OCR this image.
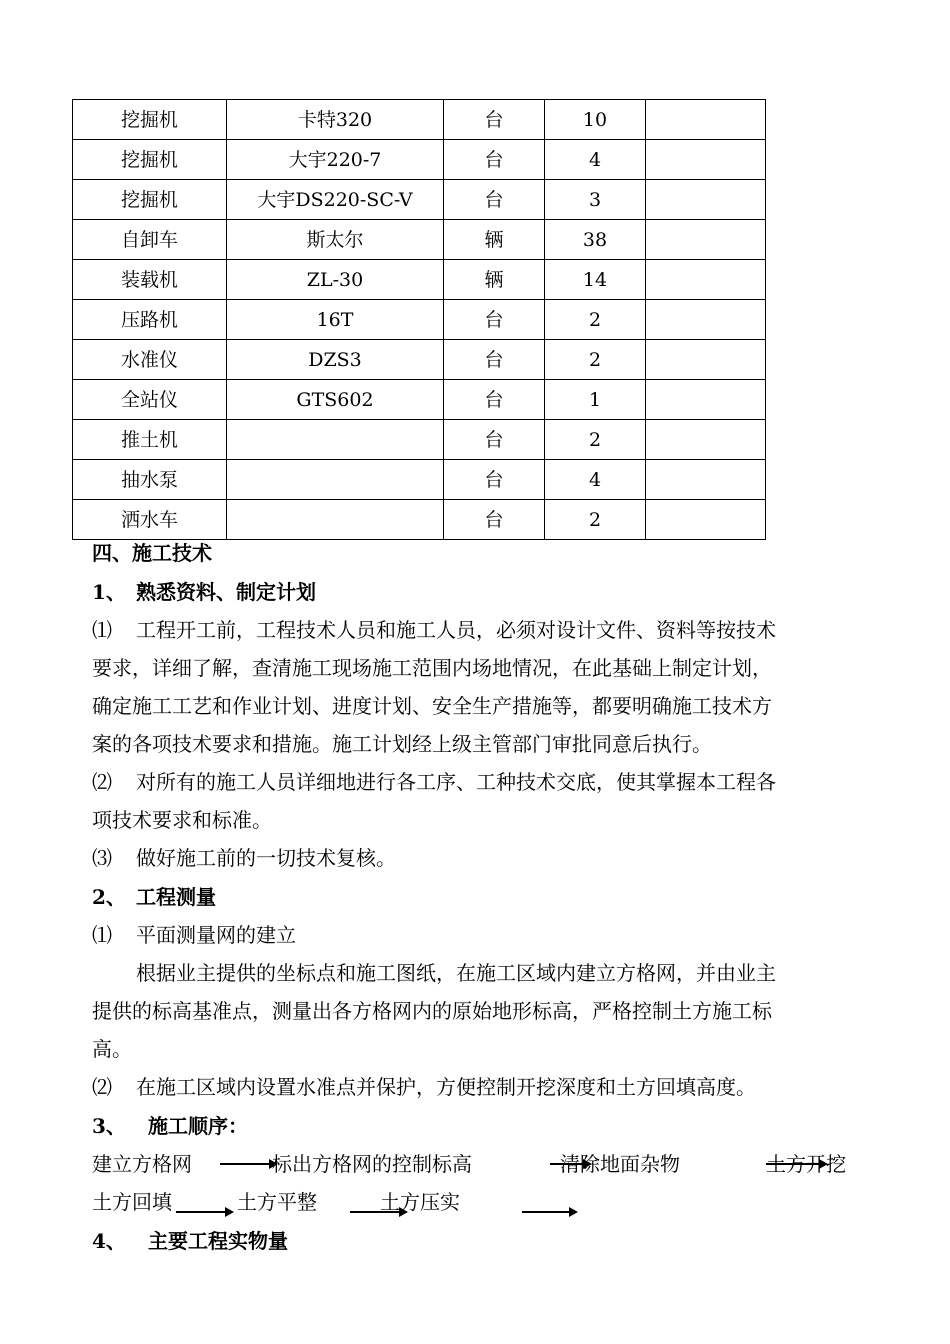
挖掘机	卡特320	台	10	
挖掘机	大宇220-7	台	4	
挖掘机	大宇DS220-SC-V	台	3	
自卸车	斯太尔	辆	38	
装载机	ZL-30	辆	14	
压路机	16T	台	2	
水准仪	DZS3	台	2	
全站仪	GTS602	台	1	
推土机		台	2	
抽水泵		台	4	
洒水车		台	2	
四、施工技术
1、 熟悉资料、制定计划
⑴ 工程开工前，工程技术人员和施工人员，必须对设计文件、资料等按技术
要求，详细了解，查清施工现场施工范围内场地情况，在此基础上制定计划，
确定施工工艺和作业计划、进度计划、安全生产措施等，都要明确施工技术方
案的各项技术要求和措施。施工计划经上级主管部门审批同意后执行。
⑵ 对所有的施工人员详细地进行各工序、工种技术交底，使其掌握本工程各
项技术要求和标准。
⑶ 做好施工前的一切技术复核。
2、 工程测量
⑴ 平面测量网的建立
根据业主提供的坐标点和施工图纸，在施工区域内建立方格网，并由业主
提供的标高基准点，测量出各方格网内的原始地形标高，严格控制土方施工标
高。
⑵ 在施工区域内设置水准点并保护，方便控制开挖深度和土方回填高度。
3、 施工顺序：
建立方格网	标出方格网的控制标高	清除地面杂物	土方开挖
土方回填	土方平整	土方压实
4、 主要工程实物量
